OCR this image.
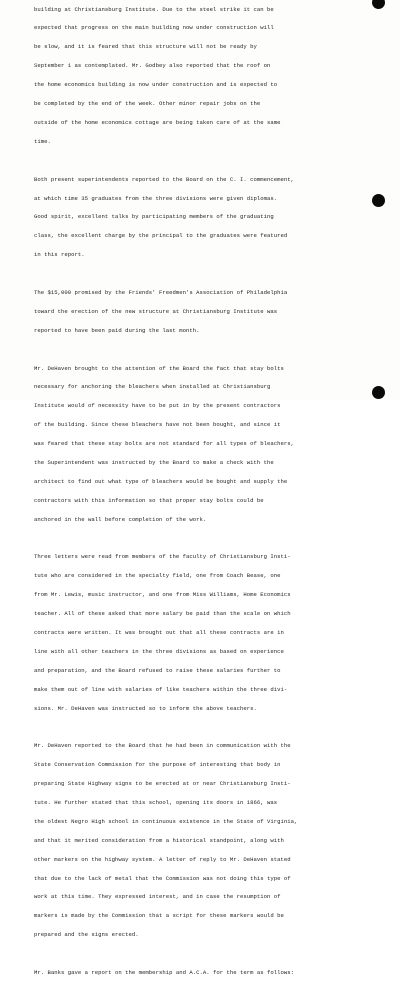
building at Christiansburg Institute. Due to the steel strike it can be

expected that progress on the main building now under construction will

be slow, and it is feared that this structure will not be ready by

September 1 as contemplated. Mr. Godbey also reported that the roof on

the home economics building is now under construction and is expected to

be completed by the end of the week. Other minor repair jobs on the

outside of the home economics cottage are being taken care of at the same

time.

Both present superintendents reported to the Board on the C. I. commencement,

at which time 35 graduates from the three divisions were given diplomas.

Good spirit, excellent talks by participating members of the graduating

class, the excellent charge by the principal to the graduates were featured

in this report.

The $15,000 promised by the Friends' Freedmen's Association of Philadelphia

toward the erection of the new structure at Christiansburg Institute was

reported to have been paid during the last month.

Mr. DeHaven brought to the attention of the Board the fact that stay bolts

necessary for anchoring the bleachers when installed at Christiansburg

Institute would of necessity have to be put in by the present contractors

of the building. Since these bleachers have not been bought, and since it

was feared that these stay bolts are not standard for all types of bleachers,

the Superintendent was instructed by the Board to make a check with the

architect to find out what type of bleachers would be bought and supply the

contractors with this information so that proper stay bolts could be

anchored in the wall before completion of the work.

Three letters were read from members of the faculty of Christiansburg Insti-

tute who are considered in the specialty field, one from Coach Bease, one

from Mr. Lewis, music instructor, and one from Miss Williams, Home Economics

teacher. All of these asked that more salary be paid than the scale on which

contracts were written. It was brought out that all these contracts are in

line with all other teachers in the three divisions as based on experience

and preparation, and the Board refused to raise these salaries further to

make them out of line with salaries of like teachers within the three divi-

sions. Mr. DeHaven was instructed so to inform the above teachers.

Mr. DeHaven reported to the Board that he had been in communication with the

State Conservation Commission for the purpose of interesting that body in

preparing State Highway signs to be erected at or near Christiansburg Insti-

tute. He further stated that this school, opening its doors in 1866, was

the oldest Negro High school in continuous existence in the State of Virginia,

and that it merited consideration from a historical standpoint, along with

other markers on the highway system. A letter of reply to Mr. DeHaven stated

that due to the lack of metal that the Commission was not doing this type of

work at this time. They expressed interest, and in case the resumption of

markers is made by the Commission that a script for these markers would be

prepared and the signs erected.

Mr. Banks gave a report on the membership and A.C.A. for the term as follows:
